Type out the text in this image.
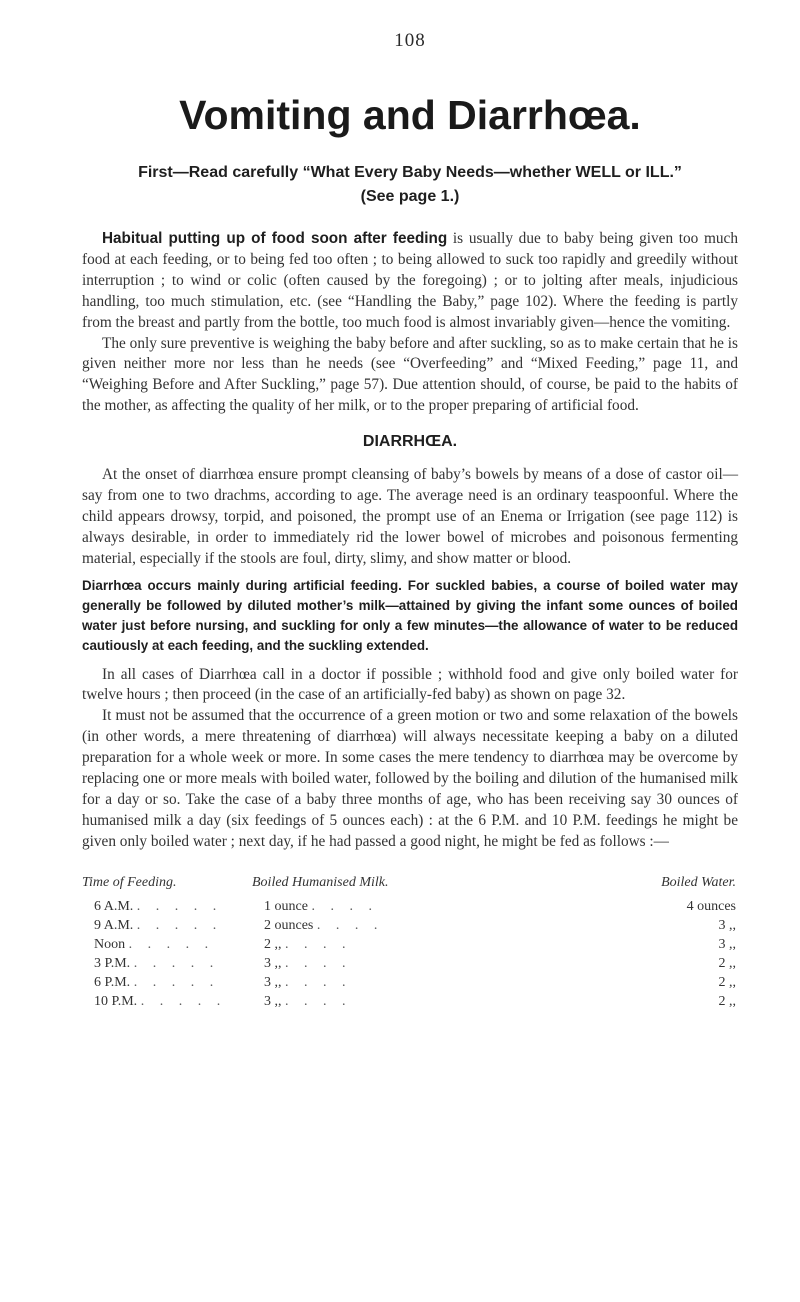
108
Vomiting and Diarrhœa.
First—Read carefully “What Every Baby Needs—whether WELL or ILL.” (See page 1.)

Habitual putting up of food soon after feeding is usually due to baby being given too much food at each feeding, or to being fed too often ; to being allowed to suck too rapidly and greedily without interruption ; to wind or colic (often caused by the foregoing) ; or to jolting after meals, injudicious handling, too much stimulation, etc. (see “Handling the Baby,” page 102). Where the feeding is partly from the breast and partly from the bottle, too much food is almost invariably given—hence the vomiting.

The only sure preventive is weighing the baby before and after suckling, so as to make certain that he is given neither more nor less than he needs (see “Overfeeding” and “Mixed Feeding,” page 11, and “Weighing Before and After Suckling,” page 57). Due attention should, of course, be paid to the habits of the mother, as affecting the quality of her milk, or to the proper preparing of artificial food.

DIARRHŒA.

At the onset of diarrhœa ensure prompt cleansing of baby’s bowels by means of a dose of castor oil—say from one to two drachms, according to age. The average need is an ordinary teaspoonful. Where the child appears drowsy, torpid, and poisoned, the prompt use of an Enema or Irrigation (see page 112) is always desirable, in order to immediately rid the lower bowel of microbes and poisonous fermenting material, especially if the stools are foul, dirty, slimy, and show matter or blood.

Diarrhœa occurs mainly during artificial feeding. For suckled babies, a course of boiled water may generally be followed by diluted mother’s milk—attained by giving the infant some ounces of boiled water just before nursing, and suckling for only a few minutes—the allowance of water to be reduced cautiously at each feeding, and the suckling extended.

In all cases of Diarrhœa call in a doctor if possible ; withhold food and give only boiled water for twelve hours ; then proceed (in the case of an artificially-fed baby) as shown on page 32.

It must not be assumed that the occurrence of a green motion or two and some relaxation of the bowels (in other words, a mere threatening of diarrhœa) will always necessitate keeping a baby on a diluted preparation for a whole week or more. In some cases the mere tendency to diarrhœa may be overcome by replacing one or more meals with boiled water, followed by the boiling and dilution of the humanised milk for a day or so. Take the case of a baby three months of age, who has been receiving say 30 ounces of humanised milk a day (six feedings of 5 ounces each) : at the 6 P.M. and 10 P.M. feedings he might be given only boiled water ; next day, if he had passed a good night, he might be fed as follows :—

Time of Feeding.	Boiled Humanised Milk.	Boiled Water.
6 A.M. . . . . .	1 ounce . . . .	4 ounces
9 A.M. . . . . .	2 ounces . . . .	3 ,,
Noon . . . . .	2 ,, . . . .	3 ,,
3 P.M. . . . . .	3 ,, . . . .	2 ,,
6 P.M. . . . . .	3 ,, . . . .	2 ,,
10 P.M. . . . . .	3 ,, . . . .	2 ,,
